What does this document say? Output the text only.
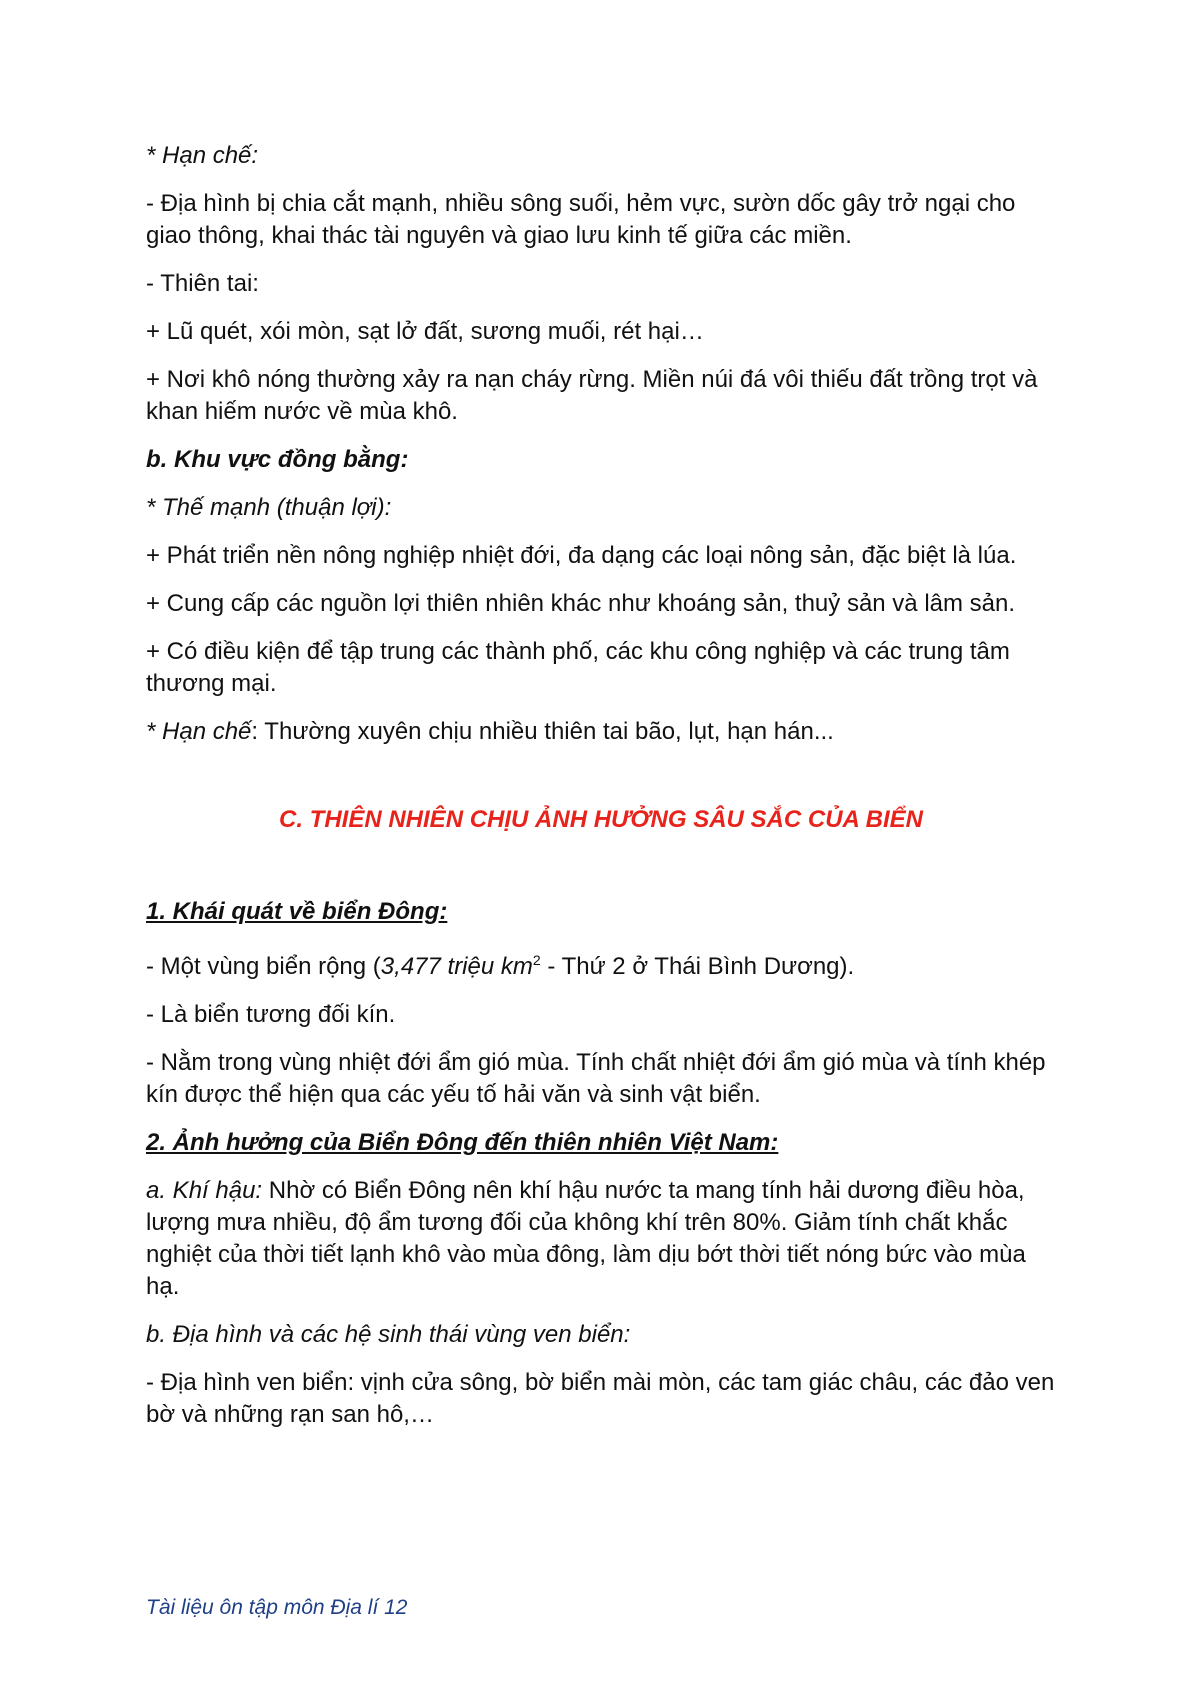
* Hạn chế:

- Địa hình bị chia cắt mạnh, nhiều sông suối, hẻm vực, sườn dốc gây trở ngại cho giao thông, khai thác tài nguyên và giao lưu kinh tế giữa các miền.

- Thiên tai:

+ Lũ quét, xói mòn, sạt lở đất, sương muối, rét hại…

+ Nơi khô nóng thường xảy ra nạn cháy rừng. Miền núi đá vôi thiếu đất trồng trọt và khan hiếm nước về mùa khô.

b. Khu vực đồng bằng:

* Thế mạnh (thuận lợi):

+ Phát triển nền nông nghiệp nhiệt đới, đa dạng các loại nông sản, đặc biệt là lúa.

+ Cung cấp các nguồn lợi thiên nhiên khác như khoáng sản, thuỷ sản và lâm sản.

+ Có điều kiện để tập trung các thành phố, các khu công nghiệp và các trung tâm thương mại.

* Hạn chế: Thường xuyên chịu nhiều thiên tai bão, lụt, hạn hán...

C. THIÊN NHIÊN CHỊU ẢNH HƯỞNG SÂU SẮC CỦA BIỂN

1. Khái quát về biển Đông:

- Một vùng biển rộng (3,477 triệu $km^2$ - Thứ 2 ở Thái Bình Dương).

- Là biển tương đối kín.

- Nằm trong vùng nhiệt đới ẩm gió mùa. Tính chất nhiệt đới ẩm gió mùa và tính khép kín được thể hiện qua các yếu tố hải văn và sinh vật biển.

2. Ảnh hưởng của Biển Đông đến thiên nhiên Việt Nam:

a. Khí hậu: Nhờ có Biển Đông nên khí hậu nước ta mang tính hải dương điều hòa, lượng mưa nhiều, độ ẩm tương đối của không khí trên 80%. Giảm tính chất khắc nghiệt của thời tiết lạnh khô vào mùa đông, làm dịu bớt thời tiết nóng bức vào mùa hạ.

b. Địa hình và các hệ sinh thái vùng ven biển:

- Địa hình ven biển: vịnh cửa sông, bờ biển mài mòn, các tam giác châu, các đảo ven bờ và những rạn san hô,…

Tài liệu ôn tập môn Địa lí 12
